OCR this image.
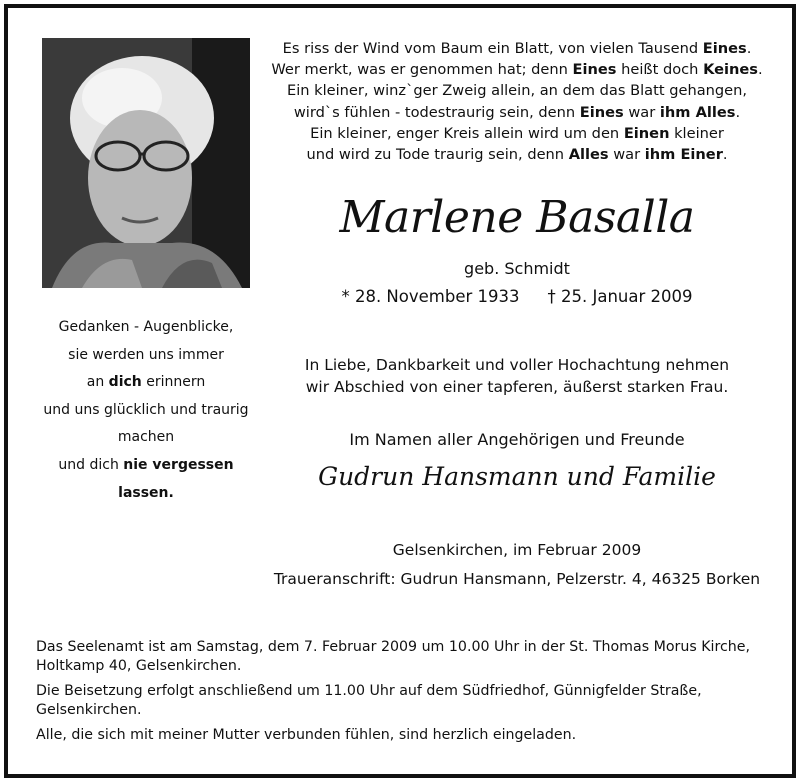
Es riss der Wind vom Baum ein Blatt, von vielen Tausend Eines.
Wer merkt, was er genommen hat; denn Eines heißt doch Keines.
Ein kleiner, winz`ger Zweig allein, an dem das Blatt gehangen,
wird`s fühlen - todestraurig sein, denn Eines war ihm Alles.
Ein kleiner, enger Kreis allein wird um den Einen kleiner
und wird zu Tode traurig sein, denn Alles war ihm Einer.
Marlene Basalla
geb. Schmidt
* 28. November 1933 † 25. Januar 2009
In Liebe, Dankbarkeit und voller Hochachtung nehmen
wir Abschied von einer tapferen, äußerst starken Frau.
Im Namen aller Angehörigen und Freunde
Gudrun Hansmann und Familie
Gelsenkirchen, im Februar 2009
Traueranschrift: Gudrun Hansmann, Pelzerstr. 4, 46325 Borken
Gedanken - Augenblicke,
sie werden uns immer
an dich erinnern
und uns glücklich und traurig
machen
und dich nie vergessen lassen.

Das Seelenamt ist am Samstag, dem 7. Februar 2009 um 10.00 Uhr in der St. Thomas Morus Kirche,
Holtkamp 40, Gelsenkirchen.

Die Beisetzung erfolgt anschließend um 11.00 Uhr auf dem Südfriedhof, Günnigfelder Straße,
Gelsenkirchen.

Alle, die sich mit meiner Mutter verbunden fühlen, sind herzlich eingeladen.
